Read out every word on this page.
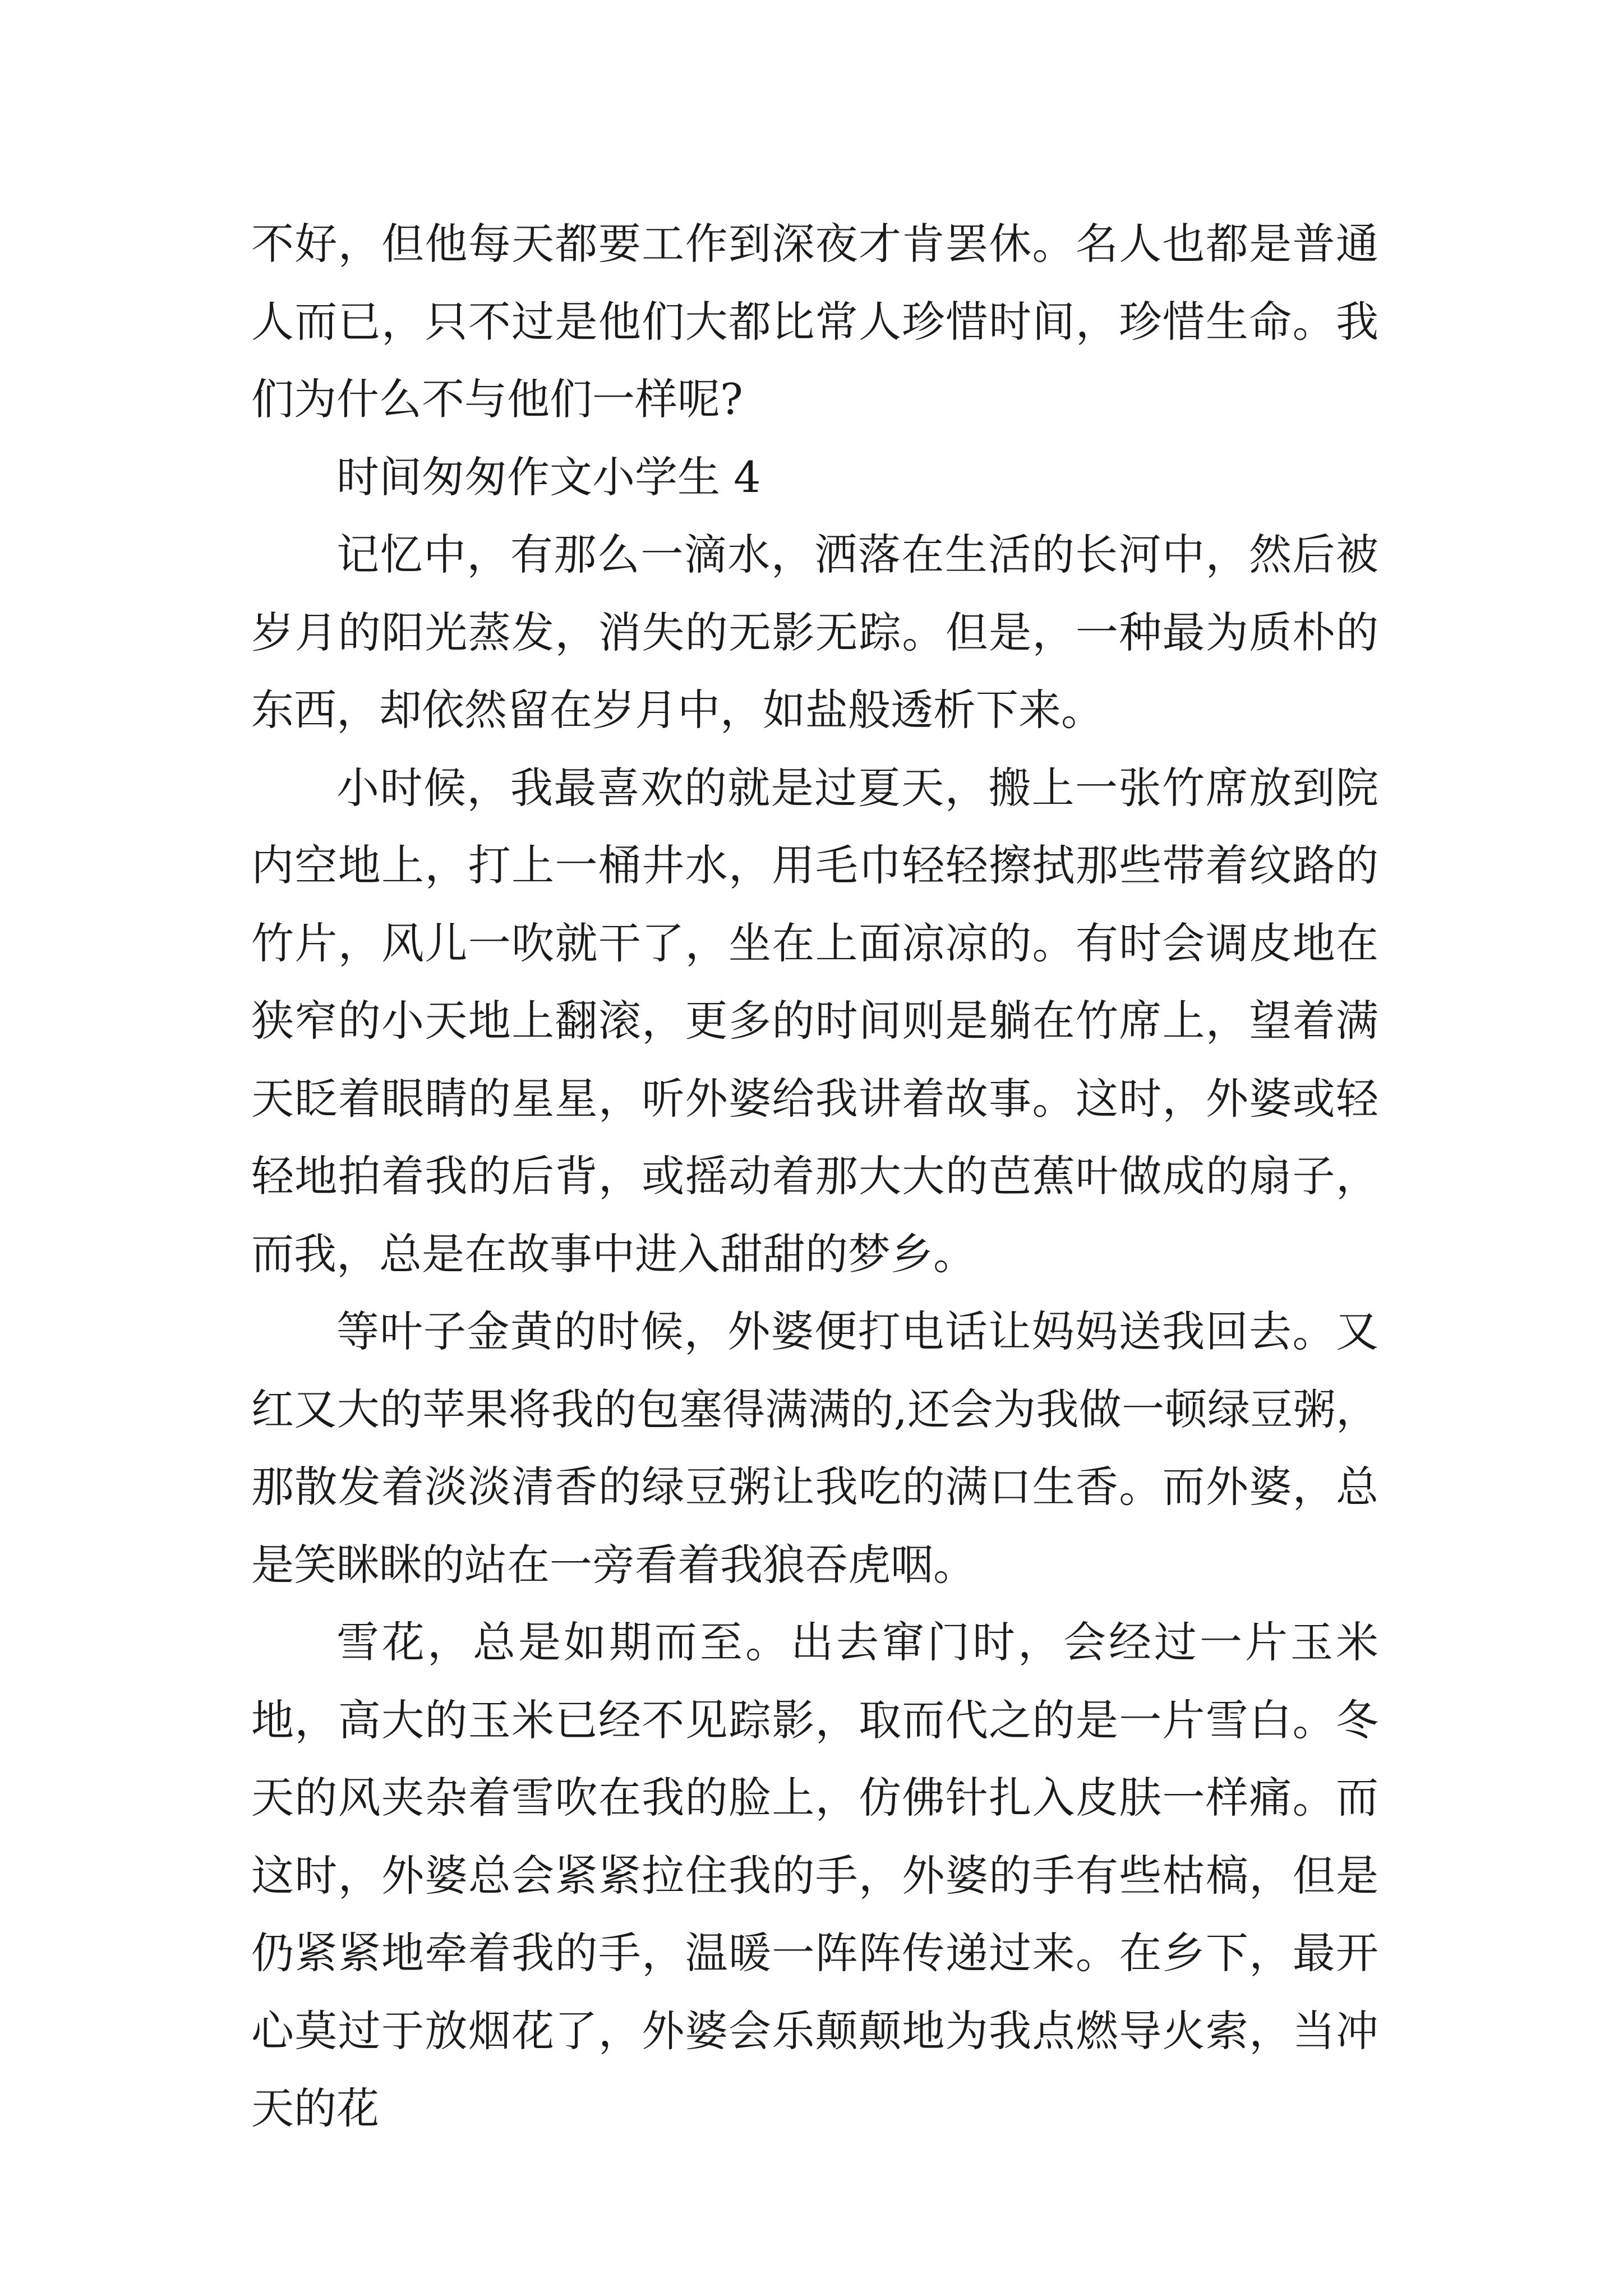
不好，但他每天都要工作到深夜才肯罢休。名人也都是普通人而已，只不过是他们大都比常人珍惜时间，珍惜生命。我们为什么不与他们一样呢?

时间匆匆作文小学生 4

记忆中，有那么一滴水，洒落在生活的长河中，然后被岁月的阳光蒸发，消失的无影无踪。但是，一种最为质朴的东西，却依然留在岁月中，如盐般透析下来。

小时候，我最喜欢的就是过夏天，搬上一张竹席放到院内空地上，打上一桶井水，用毛巾轻轻擦拭那些带着纹路的竹片，风儿一吹就干了，坐在上面凉凉的。有时会调皮地在狭窄的小天地上翻滚，更多的时间则是躺在竹席上，望着满天眨着眼睛的星星，听外婆给我讲着故事。这时，外婆或轻轻地拍着我的后背，或摇动着那大大的芭蕉叶做成的扇子，而我，总是在故事中进入甜甜的梦乡。

等叶子金黄的时候，外婆便打电话让妈妈送我回去。又红又大的苹果将我的包塞得满满的,还会为我做一顿绿豆粥，那散发着淡淡清香的绿豆粥让我吃的满口生香。而外婆，总是笑眯眯的站在一旁看着我狼吞虎咽。

雪花，总是如期而至。出去窜门时，会经过一片玉米地，高大的玉米已经不见踪影，取而代之的是一片雪白。冬天的风夹杂着雪吹在我的脸上，仿佛针扎入皮肤一样痛。而这时，外婆总会紧紧拉住我的手，外婆的手有些枯槁，但是仍紧紧地牵着我的手，温暖一阵阵传递过来。在乡下，最开心莫过于放烟花了，外婆会乐颠颠地为我点燃导火索，当冲天的花
